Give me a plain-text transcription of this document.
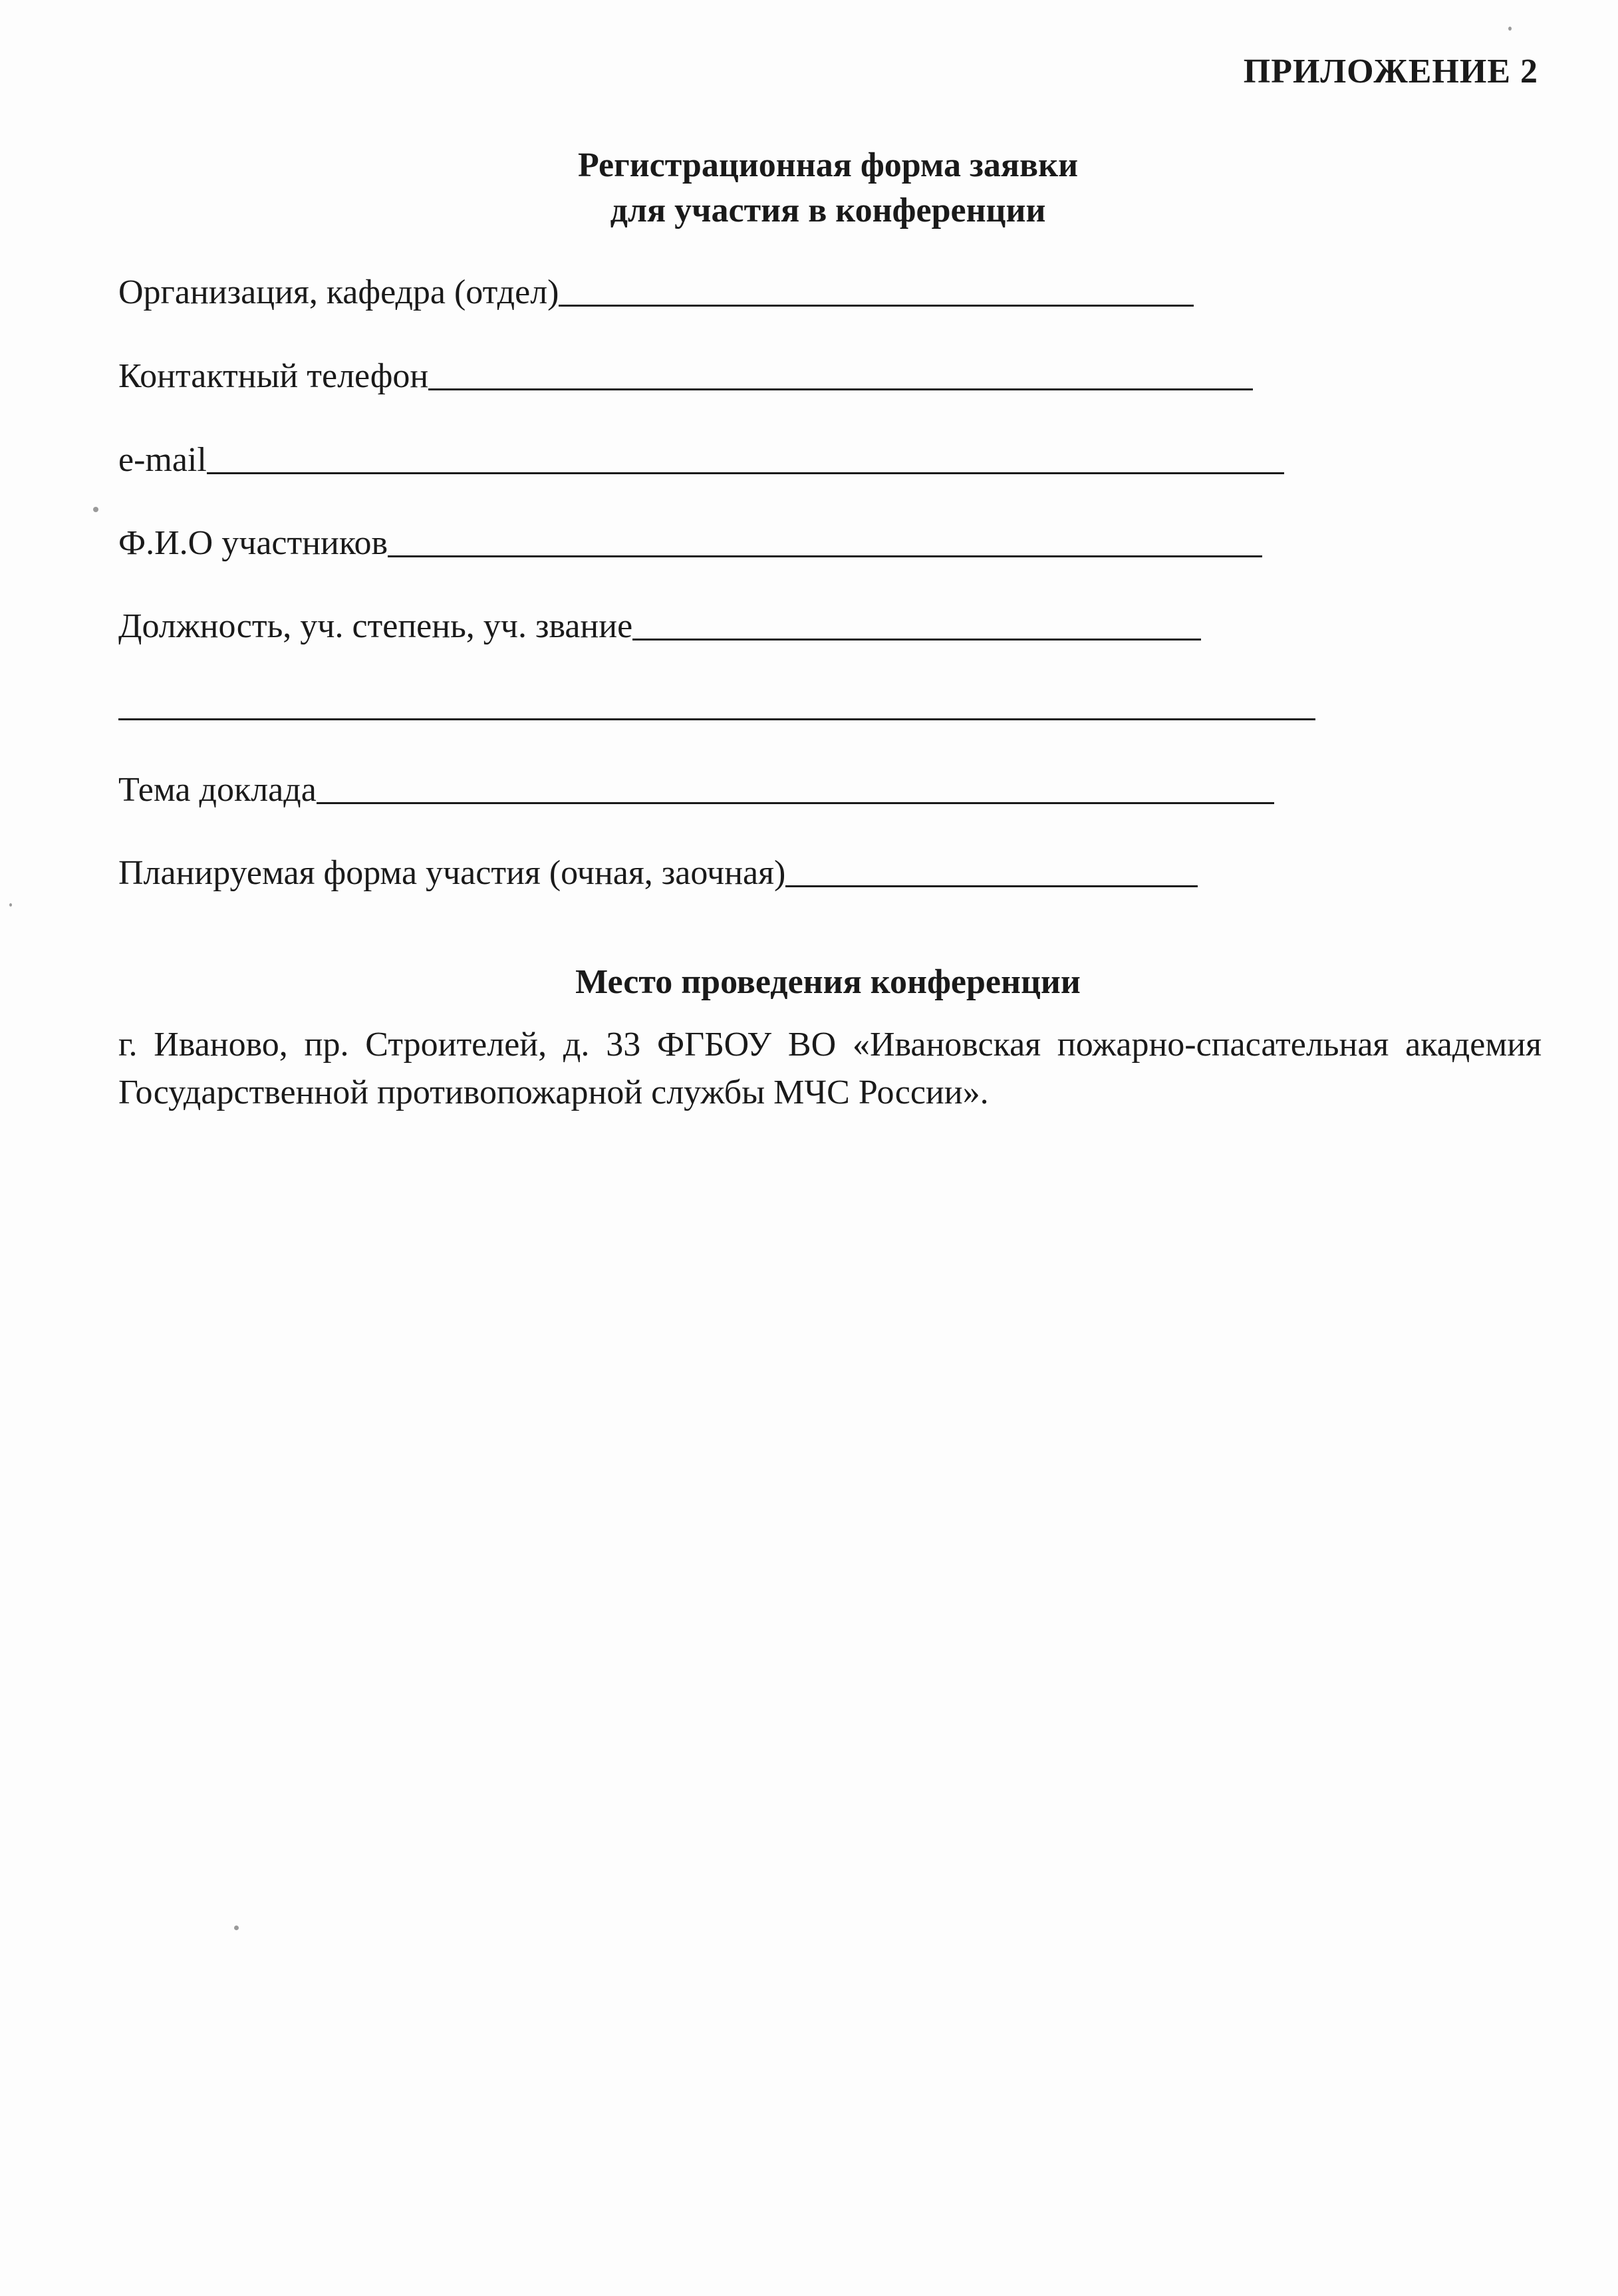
ПРИЛОЖЕНИЕ 2
Регистрационная форма заявки
для участия в конференции
Организация, кафедра (отдел)
Контактный телефон
e-mail
Ф.И.О участников
Должность, уч. степень, уч. звание
Тема доклада
Планируемая форма участия (очная, заочная)
Место проведения конференции
г. Иваново, пр. Строителей, д. 33 ФГБОУ ВО «Ивановская пожарно-спасательная академия Государственной противопожарной службы МЧС России».
